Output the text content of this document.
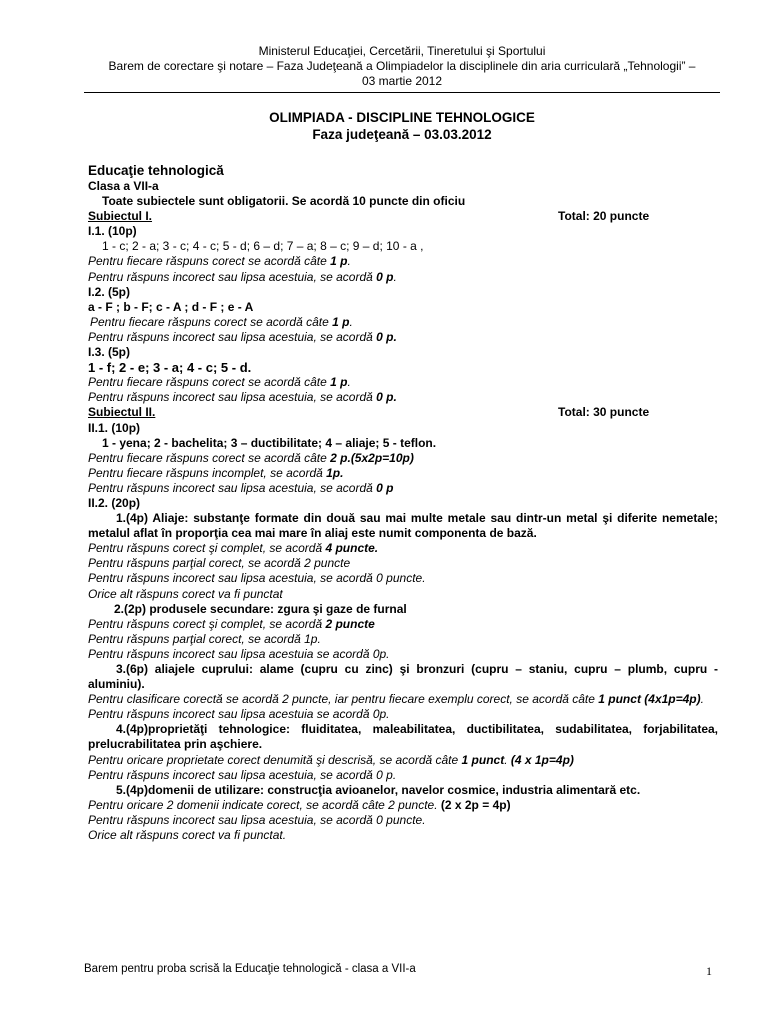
Ministerul Educaţiei, Cercetării, Tineretului şi Sportului
Barem de corectare şi notare – Faza Judeţeană a Olimpiadelor la disciplinele din aria curriculară „Tehnologii” –
03 martie 2012
OLIMPIADA - DISCIPLINE TEHNOLOGICE
Faza judeţeană – 03.03.2012
Educaţie tehnologică
Clasa a VII-a
Toate subiectele sunt obligatorii. Se acordă 10 puncte din oficiu
Subiectul I.	Total: 20 puncte
I.1. (10p)
1 - c; 2 - a; 3 - c; 4 - c; 5 - d; 6 – d; 7 – a; 8 – c; 9 – d; 10 - a ,
Pentru fiecare răspuns corect se acordă câte 1 p.
Pentru răspuns incorect sau lipsa acestuia, se acordă 0 p.
I.2. (5p)
a - F ; b - F; c - A ; d - F ; e - A
Pentru fiecare răspuns corect se acordă câte 1 p.
Pentru răspuns incorect sau lipsa acestuia, se acordă 0 p.
I.3. (5p)
1 - f; 2 - e; 3 - a; 4 - c; 5 - d.
Pentru fiecare răspuns corect se acordă câte 1 p.
Pentru răspuns incorect sau lipsa acestuia, se acordă 0 p.
Subiectul II.	Total: 30 puncte
II.1. (10p)
1 - yena; 2 - bachelita; 3 – ductibilitate; 4 – aliaje; 5 - teflon.
Pentru fiecare răspuns corect se acordă câte 2 p.(5x2p=10p)
Pentru fiecare răspuns incomplet, se acordă 1p.
Pentru răspuns incorect sau lipsa acestuia, se acordă 0 p
II.2. (20p)
1.(4p) Aliaje: substanţe formate din două sau mai multe metale sau dintr-un metal şi diferite nemetale; metalul aflat în proporţia cea mai mare în aliaj este numit componenta de bază.
Pentru răspuns corect şi complet, se acordă 4 puncte.
Pentru răspuns parţial corect, se acordă 2 puncte
Pentru răspuns incorect sau lipsa acestuia, se acordă 0 puncte.
Orice alt răspuns corect va fi punctat
2.(2p) produsele secundare: zgura şi gaze de furnal
Pentru răspuns corect şi complet, se acordă 2 puncte
Pentru răspuns parţial corect, se acordă 1p.
Pentru răspuns incorect sau lipsa acestuia se acordă 0p.
3.(6p) aliajele cuprului: alame (cupru cu zinc) şi bronzuri (cupru – staniu, cupru – plumb, cupru - aluminiu).
Pentru clasificare corectă se acordă 2 puncte, iar pentru fiecare exemplu corect, se acordă câte 1 punct (4x1p=4p).
Pentru răspuns incorect sau lipsa acestuia se acordă 0p.
4.(4p)proprietăţi tehnologice: fluiditatea, maleabilitatea, ductibilitatea, sudabilitatea, forjabilitatea, prelucrabilitatea prin aşchiere.
Pentru oricare proprietate corect denumită şi descrisă, se acordă câte 1 punct. (4 x 1p=4p)
Pentru răspuns incorect sau lipsa acestuia, se acordă 0 p.
5.(4p)domenii de utilizare: construcţia avioanelor, navelor cosmice, industria alimentară etc.
Pentru oricare 2 domenii indicate corect, se acordă câte 2 puncte. (2 x 2p = 4p)
Pentru răspuns incorect sau lipsa acestuia, se acordă 0 puncte.
Orice alt răspuns corect va fi punctat.
Barem pentru proba scrisă la Educaţie tehnologică - clasa a VII-a	1
